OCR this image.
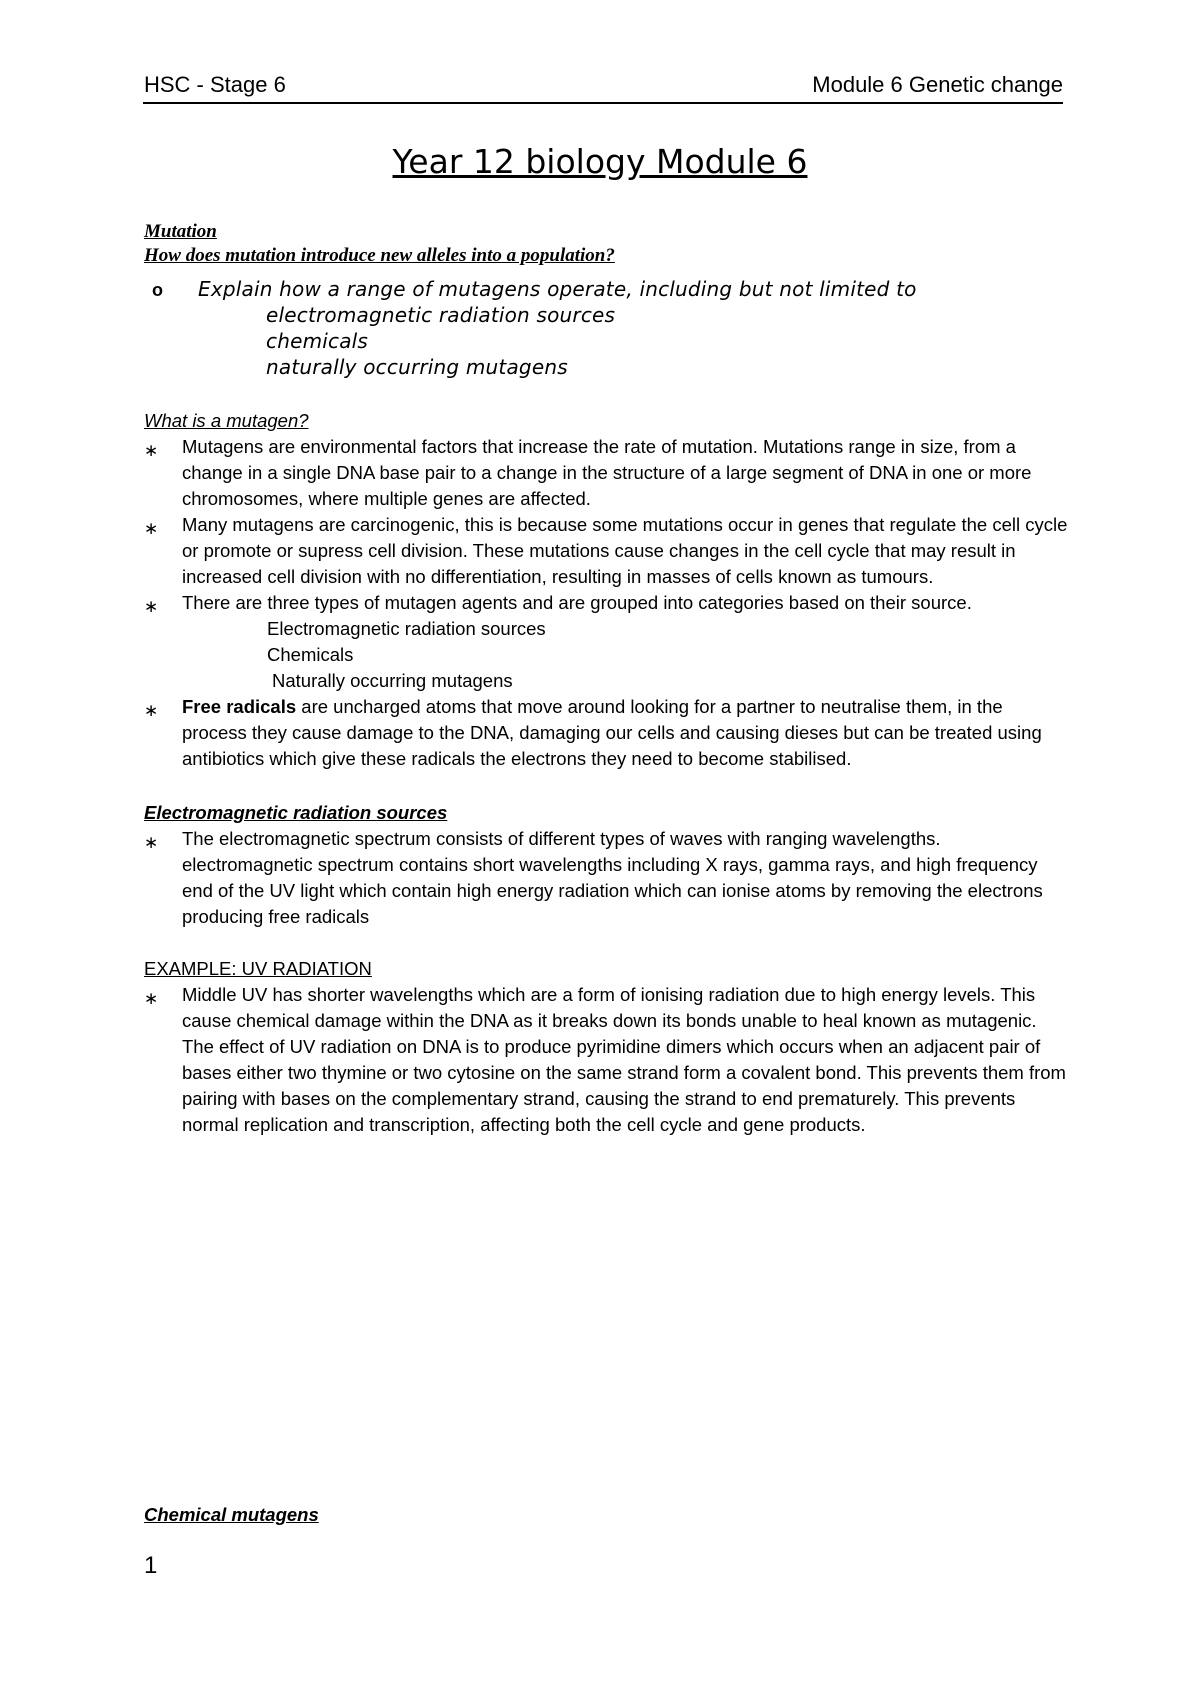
HSC - Stage 6	Module 6 Genetic change
Year 12 biology Module 6
Mutation
How does mutation introduce new alleles into a population?
o Explain how a range of mutagens operate, including but not limited to
electromagnetic radiation sources
chemicals
naturally occurring mutagens
What is a mutagen?
∗	Mutagens are environmental factors that increase the rate of mutation. Mutations range in size, from a change in a single DNA base pair to a change in the structure of a large segment of DNA in one or more chromosomes, where multiple genes are affected.
∗	Many mutagens are carcinogenic, this is because some mutations occur in genes that regulate the cell cycle or promote or supress cell division. These mutations cause changes in the cell cycle that may result in increased cell division with no differentiation, resulting in masses of cells known as tumours.
∗	There are three types of mutagen agents and are grouped into categories based on their source.
Electromagnetic radiation sources
Chemicals
Naturally occurring mutagens
∗	Free radicals are uncharged atoms that move around looking for a partner to neutralise them, in the process they cause damage to the DNA, damaging our cells and causing dieses but can be treated using antibiotics which give these radicals the electrons they need to become stabilised.
Electromagnetic radiation sources
∗	The electromagnetic spectrum consists of different types of waves with ranging wavelengths. electromagnetic spectrum contains short wavelengths including X rays, gamma rays, and high frequency end of the UV light which contain high energy radiation which can ionise atoms by removing the electrons producing free radicals
EXAMPLE: UV RADIATION
∗	Middle UV has shorter wavelengths which are a form of ionising radiation due to high energy levels. This cause chemical damage within the DNA as it breaks down its bonds unable to heal known as mutagenic. The effect of UV radiation on DNA is to produce pyrimidine dimers which occurs when an adjacent pair of bases either two thymine or two cytosine on the same strand form a covalent bond. This prevents them from pairing with bases on the complementary strand, causing the strand to end prematurely. This prevents normal replication and transcription, affecting both the cell cycle and gene products.
Chemical mutagens
1
